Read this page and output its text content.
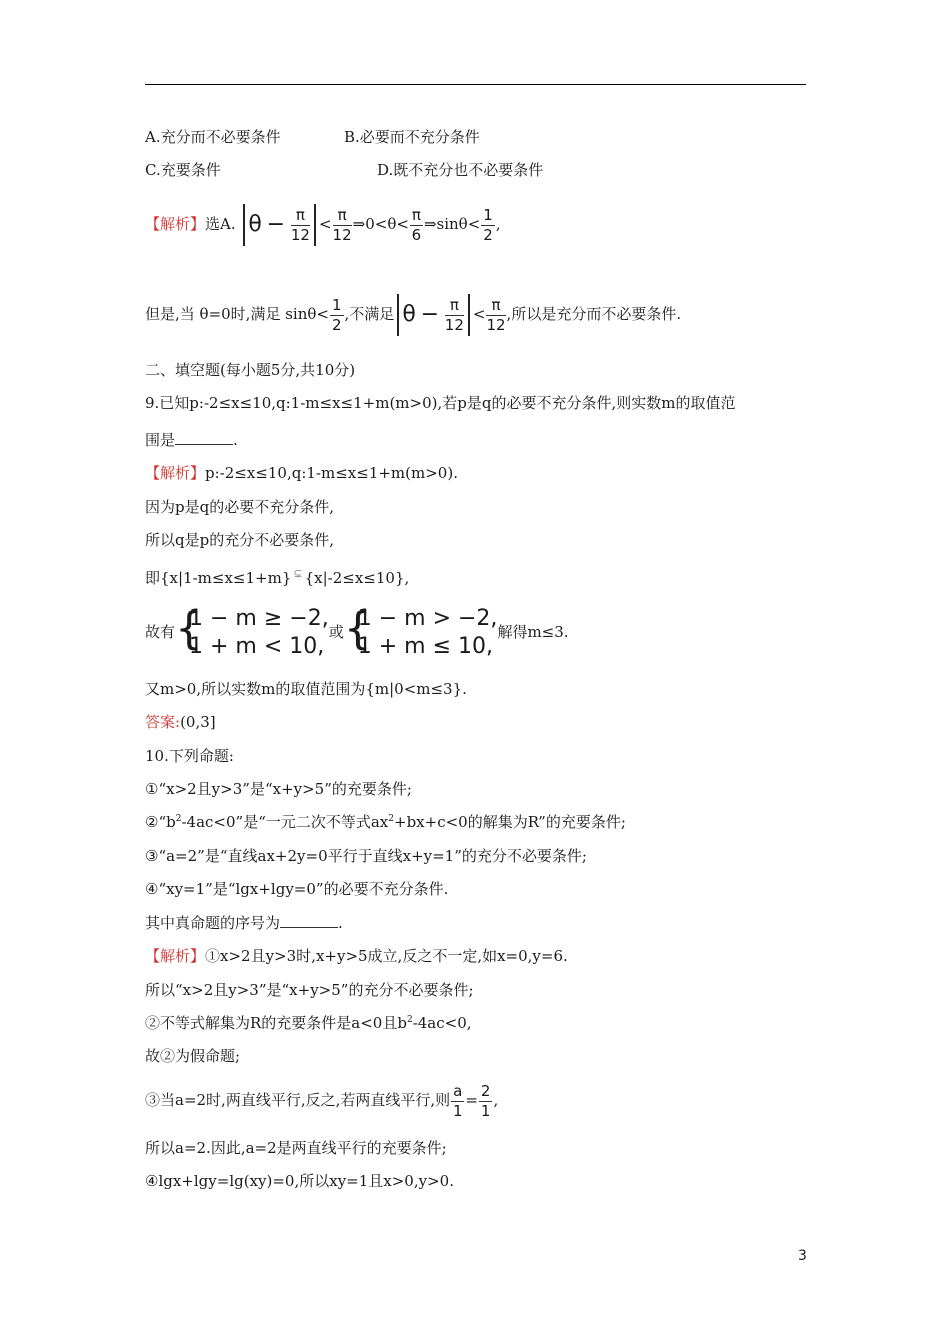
A.充分而不必要条件	B.必要而不充分条件
C.充要条件	D.既不充分也不必要条件
【解析】选A. $\theta - \frac{\pi}{12} < \frac{\pi}{12}$ ⇒0<θ< $\frac{\pi}{6}$ ⇒sinθ< $\frac{1}{2}$ ,
但是,当 θ=0时,满足 $\sin\theta< \frac{1}{2}$ ,不满足 $\theta - \frac{\pi}{12} < \frac{\pi}{12}$ ,所以是充分而不必要条件.
二、填空题(每小题5分,共10分)
9.已知p:-2≤x≤10,q:1-m≤x≤1+m(m>0),若p是q的必要不充分条件,则实数m的取值范
围是	.
【解析】p:-2≤x≤10,q:1-m≤x≤1+m(m>0).
因为p是q的必要不充分条件,
所以q是p的充分不必要条件,
即{x|1-m≤x≤1+m} ⊊ {x|-2≤x≤10},
故有 {
1 − m ≥ −2,
1 + m < 10,
或 {
1 − m > −2,
1 + m ≤ 10,
解得m≤3.
又m>0,所以实数m的取值范围为{m|0<m≤3}.
答案:(0,3]
10.下列命题:
①“x>2且y>3”是“x+y>5”的充要条件;
$②“b^2-4ac<0$”是“一元二次不等式$ax^2+bx+c<0$的解集为R”的充要条件;
③“a=2”是“直线ax+2y=0平行于直线x+y=1”的充分不必要条件;
④“xy=1”是“lgx+lgy=0”的必要不充分条件.
其中真命题的序号为	.
【解析】①x>2且y>3时,x+y>5成立,反之不一定,如x=0,y=6.
所以“x>2且y>3”是“x+y>5”的充分不必要条件;
②不等式解集为R的充要条件是a<0且$b^2-4ac<0$,
故②为假命题;
③当a=2时,两直线平行,反之,若两直线平行,则 $\frac{a}{1} = \frac{2}{1}$ ,
所以a=2.因此,a=2是两直线平行的充要条件;
④lgx+lgy=lg(xy)=0,所以xy=1且x>0,y>0.
3
